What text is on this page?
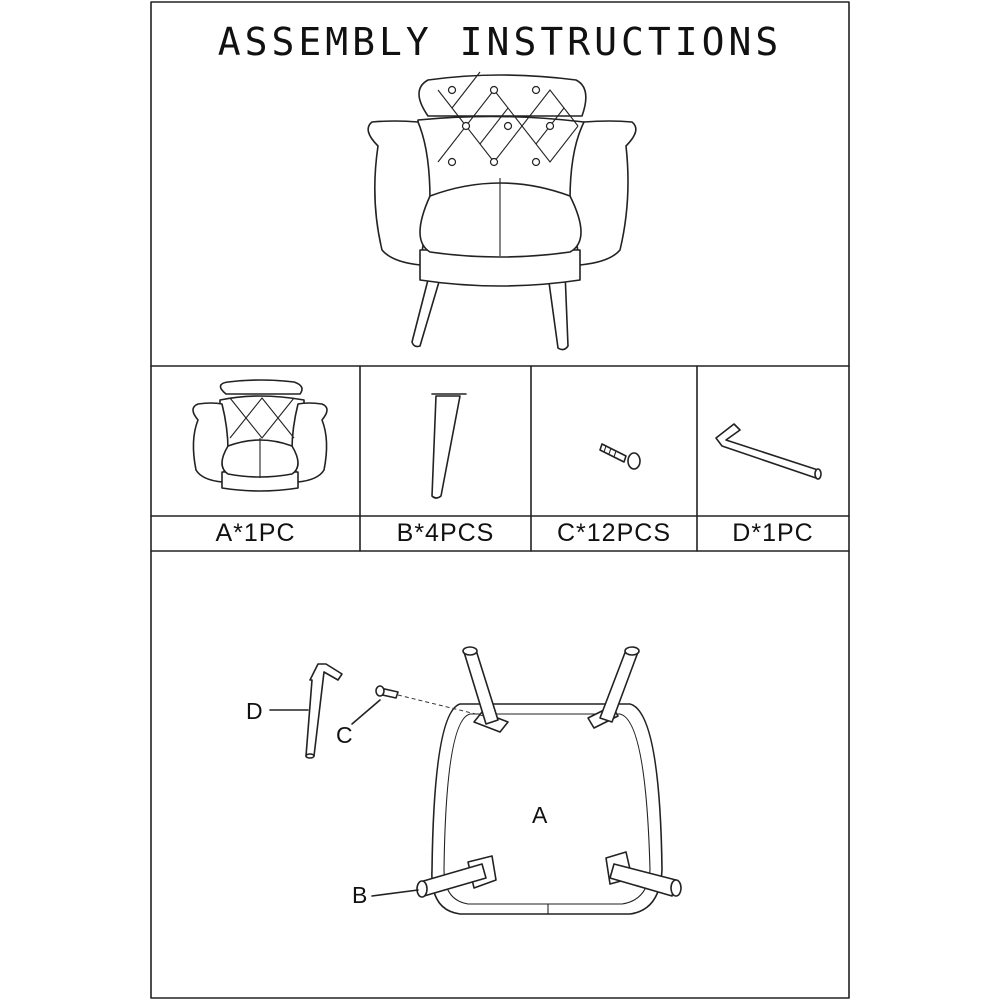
ASSEMBLY INSTRUCTIONS
A*1PC	B*4PCS	C*12PCS	D*1PC
D
C
A
B
